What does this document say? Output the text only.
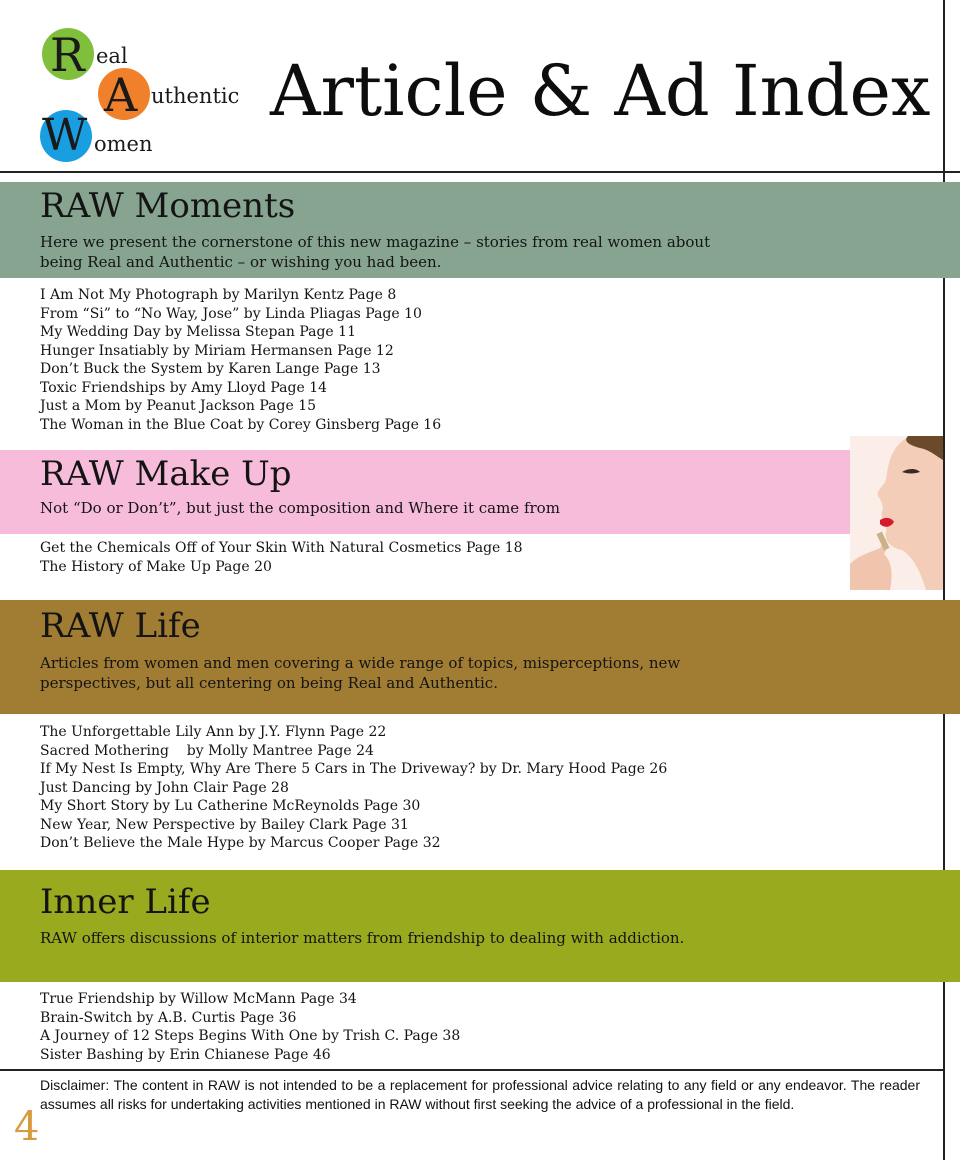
R eal
A uthentic
W omen
Article & Ad Index
RAW Moments

Here we present the cornerstone of this new magazine – stories from real women about being Real and Authentic – or wishing you had been.

I Am Not My Photograph by Marilyn Kentz Page 8
From “Si” to “No Way, Jose” by Linda Pliagas Page 10
My Wedding Day by Melissa Stepan Page 11
Hunger Insatiably by Miriam Hermansen Page 12
Don’t Buck the System by Karen Lange Page 13
Toxic Friendships by Amy Lloyd Page 14
Just a Mom by Peanut Jackson Page 15
The Woman in the Blue Coat by Corey Ginsberg Page 16
RAW Make Up

Not “Do or Don’t”, but just the composition and Where it came from

Get the Chemicals Off of Your Skin With Natural Cosmetics Page 18
The History of Make Up Page 20
RAW Life

Articles from women and men covering a wide range of topics, misperceptions, new perspectives, but all centering on being Real and Authentic.

The Unforgettable Lily Ann by J.Y. Flynn Page 22
Sacred Mothering    by Molly Mantree Page 24
If My Nest Is Empty, Why Are There 5 Cars in The Driveway? by Dr. Mary Hood Page 26
Just Dancing by John Clair Page 28
My Short Story by Lu Catherine McReynolds Page 30
New Year, New Perspective by Bailey Clark Page 31
Don’t Believe the Male Hype by Marcus Cooper Page 32
Inner Life

RAW offers discussions of interior matters from friendship to dealing with addiction.

True Friendship by Willow McMann Page 34
Brain-Switch by A.B. Curtis Page 36
A Journey of 12 Steps Begins With One by Trish C. Page 38
Sister Bashing by Erin Chianese Page 46
Disclaimer: The content in RAW is not intended to be a replacement for professional advice relating to any field or any endeavor. The reader assumes all risks for undertaking activities mentioned in RAW without first seeking the advice of a professional in the field.
4
